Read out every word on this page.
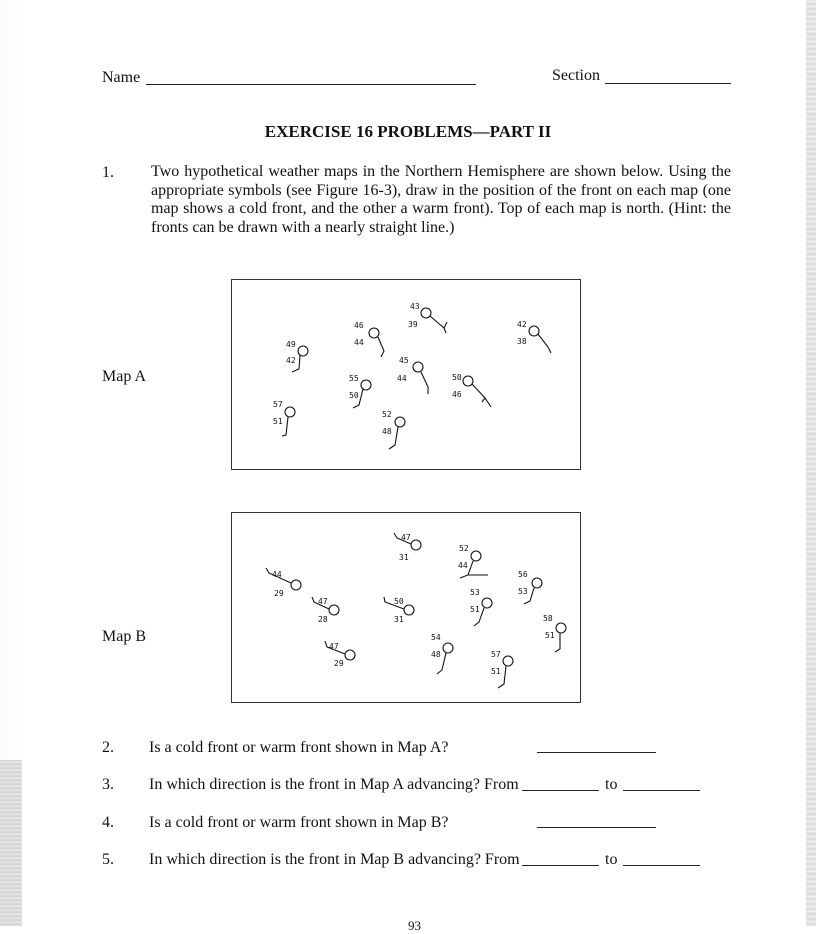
Name	Section
EXERCISE 16 PROBLEMS—PART II
1. Two hypothetical weather maps in the Northern Hemisphere are shown below. Using the appropriate symbols (see Figure 16-3), draw in the position of the front on each map (one map shows a cold front, and the other a warm front). Top of each map is north. (Hint: the fronts can be drawn with a nearly straight line.)
Map A
49
42
46
44
43
39	42
38
45
44
55
50
50
46
57
51
52
48
Map B
47
31
52
44
44
29
56
53
47
28
50
31
53
51
58
51
47
29
54
48	57
51
2. Is a cold front or warm front shown in Map A?
3. In which direction is the front in Map A advancing? From	to
4. Is a cold front or warm front shown in Map B?
5. In which direction is the front in Map B advancing? From	to
93
